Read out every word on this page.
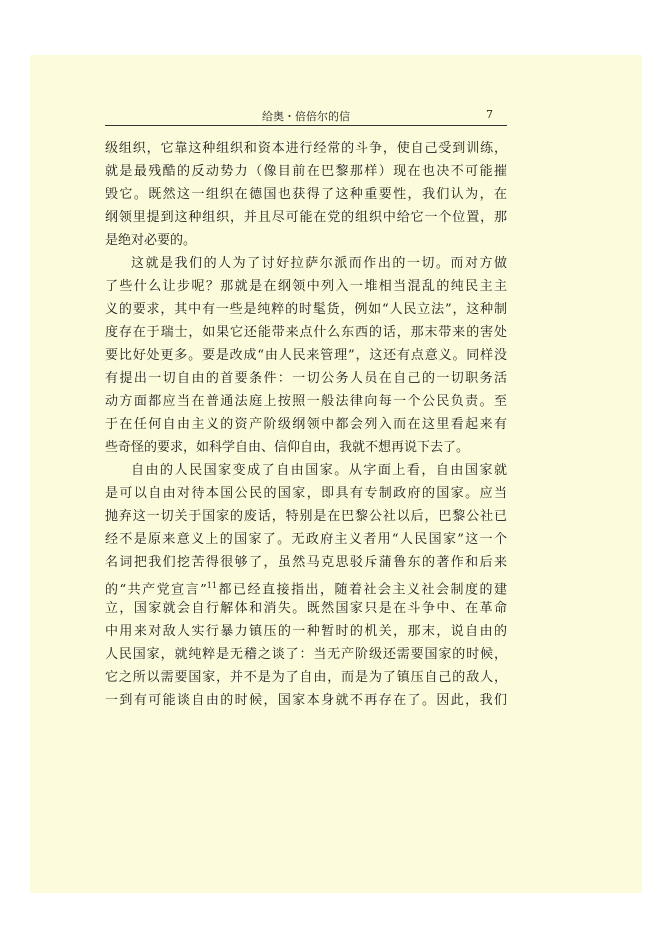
给奥・倍倍尔的信	7
级组织，它靠这种组织和资本进行经常的斗争，使自己受到训练，
就是最残酷的反动势力（像目前在巴黎那样）现在也决不可能摧
毁它。既然这一组织在德国也获得了这种重要性，我们认为，在
纲领里提到这种组织，并且尽可能在党的组织中给它一个位置，那
是绝对必要的。
这就是我们的人为了讨好拉萨尔派而作出的一切。而对方做
了些什么让步呢？那就是在纲领中列入一堆相当混乱的纯民主主
义的要求，其中有一些是纯粹的时髦货，例如“人民立法”，这种制
度存在于瑞士，如果它还能带来点什么东西的话，那末带来的害处
要比好处更多。要是改成“由人民来管理”，这还有点意义。同样没
有提出一切自由的首要条件：一切公务人员在自己的一切职务活
动方面都应当在普通法庭上按照一般法律向每一个公民负责。至
于在任何自由主义的资产阶级纲领中都会列入而在这里看起来有
些奇怪的要求，如科学自由、信仰自由，我就不想再说下去了。
自由的人民国家变成了自由国家。从字面上看，自由国家就
是可以自由对待本国公民的国家，即具有专制政府的国家。应当
抛弃这一切关于国家的废话，特别是在巴黎公社以后，巴黎公社已
经不是原来意义上的国家了。无政府主义者用“人民国家”这一个
名词把我们挖苦得很够了，虽然马克思驳斥蒲鲁东的著作和后来
的“共产党宣言”$^{11}$都已经直接指出，随着社会主义社会制度的建
立，国家就会自行解体和消失。既然国家只是在斗争中、在革命
中用来对敌人实行暴力镇压的一种暂时的机关，那末，说自由的
人民国家，就纯粹是无稽之谈了：当无产阶级还需要国家的时候，
它之所以需要国家，并不是为了自由，而是为了镇压自己的敌人，
一到有可能谈自由的时候，国家本身就不再存在了。因此，我们
